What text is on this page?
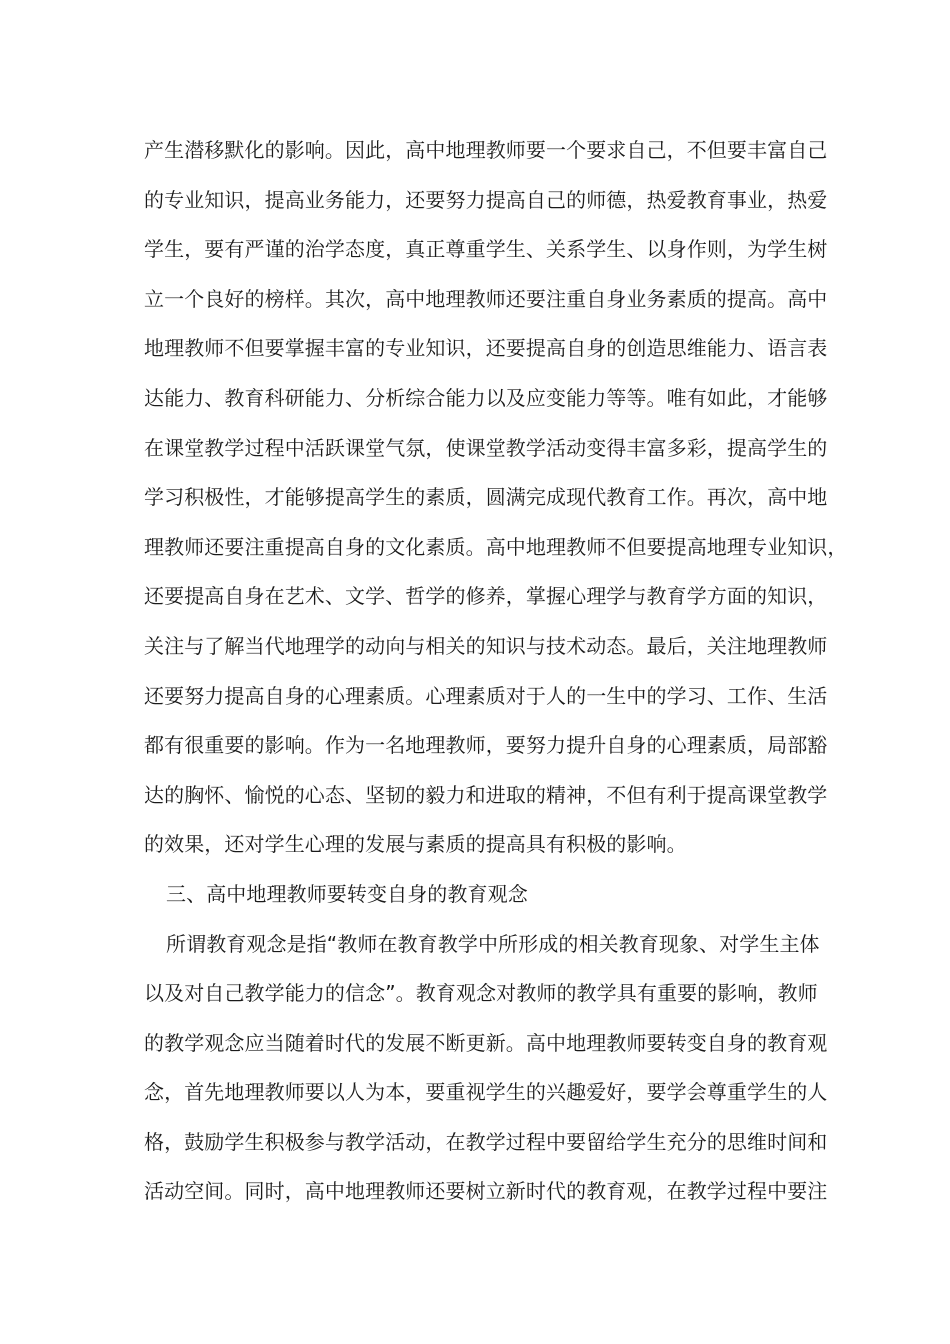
产生潜移默化的影响。因此，高中地理教师要一个要求自己，不但要丰富自己
的专业知识，提高业务能力，还要努力提高自己的师德，热爱教育事业，热爱
学生，要有严谨的治学态度，真正尊重学生、关系学生、以身作则，为学生树
立一个良好的榜样。其次，高中地理教师还要注重自身业务素质的提高。高中
地理教师不但要掌握丰富的专业知识，还要提高自身的创造思维能力、语言表
达能力、教育科研能力、分析综合能力以及应变能力等等。唯有如此，才能够
在课堂教学过程中活跃课堂气氛，使课堂教学活动变得丰富多彩，提高学生的
学习积极性，才能够提高学生的素质，圆满完成现代教育工作。再次，高中地
理教师还要注重提高自身的文化素质。高中地理教师不但要提高地理专业知识，
还要提高自身在艺术、文学、哲学的修养，掌握心理学与教育学方面的知识，
关注与了解当代地理学的动向与相关的知识与技术动态。最后，关注地理教师
还要努力提高自身的心理素质。心理素质对于人的一生中的学习、工作、生活
都有很重要的影响。作为一名地理教师，要努力提升自身的心理素质，局部豁
达的胸怀、愉悦的心态、坚韧的毅力和进取的精神，不但有利于提高课堂教学
的效果，还对学生心理的发展与素质的提高具有积极的影响。
三、高中地理教师要转变自身的教育观念
所谓教育观念是指“教师在教育教学中所形成的相关教育现象、对学生主体
以及对自己教学能力的信念”。教育观念对教师的教学具有重要的影响，教师
的教学观念应当随着时代的发展不断更新。高中地理教师要转变自身的教育观
念，首先地理教师要以人为本，要重视学生的兴趣爱好，要学会尊重学生的人
格，鼓励学生积极参与教学活动，在教学过程中要留给学生充分的思维时间和
活动空间。同时，高中地理教师还要树立新时代的教育观，在教学过程中要注
